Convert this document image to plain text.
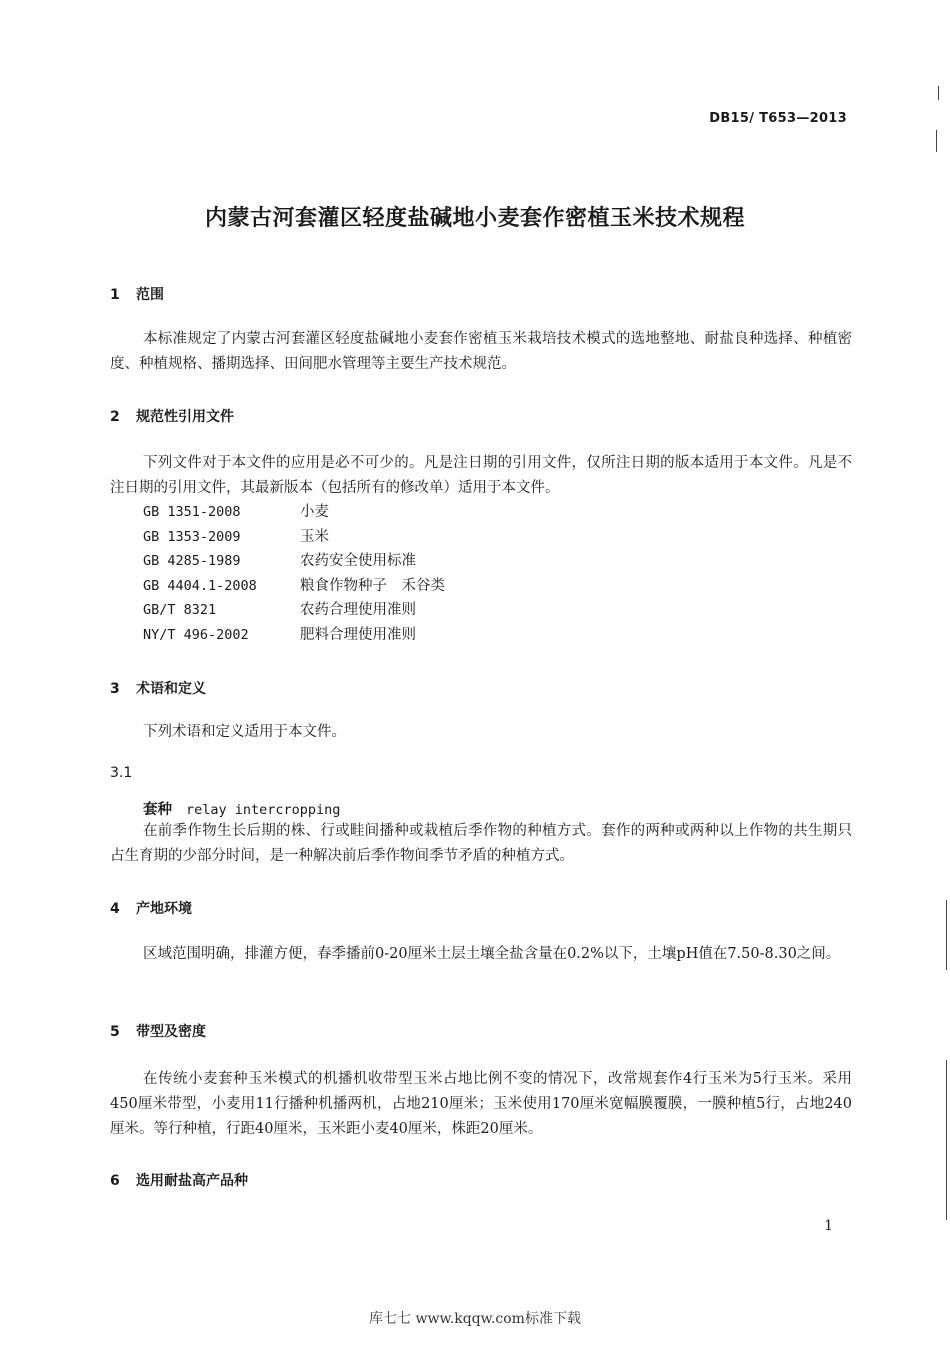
DB15/ T653—2013
内蒙古河套灌区轻度盐碱地小麦套作密植玉米技术规程
1 范围
本标准规定了内蒙古河套灌区轻度盐碱地小麦套作密植玉米栽培技术模式的选地整地、耐盐良种选择、种植密度、种植规格、播期选择、田间肥水管理等主要生产技术规范。
2 规范性引用文件
下列文件对于本文件的应用是必不可少的。凡是注日期的引用文件，仅所注日期的版本适用于本文件。凡是不注日期的引用文件，其最新版本（包括所有的修改单）适用于本文件。
GB 1351-2008	小麦
GB 1353-2009	玉米
GB 4285-1989	农药安全使用标准
GB 4404.1-2008	粮食作物种子　禾谷类
GB/T 8321	农药合理使用准则
NY/T 496-2002	肥料合理使用准则
3 术语和定义
下列术语和定义适用于本文件。
3.1
套种 relay intercropping
在前季作物生长后期的株、行或畦间播种或栽植后季作物的种植方式。套作的两种或两种以上作物的共生期只占生育期的少部分时间，是一种解决前后季作物间季节矛盾的种植方式。
4 产地环境
区域范围明确，排灌方便，春季播前0-20厘米土层土壤全盐含量在0.2%以下，土壤pH值在7.50-8.30之间。
5 带型及密度
在传统小麦套种玉米模式的机播机收带型玉米占地比例不变的情况下，改常规套作4行玉米为5行玉米。采用450厘米带型，小麦用11行播种机播两机，占地210厘米；玉米使用170厘米宽幅膜覆膜，一膜种植5行，占地240厘米。等行种植，行距40厘米，玉米距小麦40厘米，株距20厘米。
6 选用耐盐高产品种
1
库七七 www.kqqw.com标准下载
